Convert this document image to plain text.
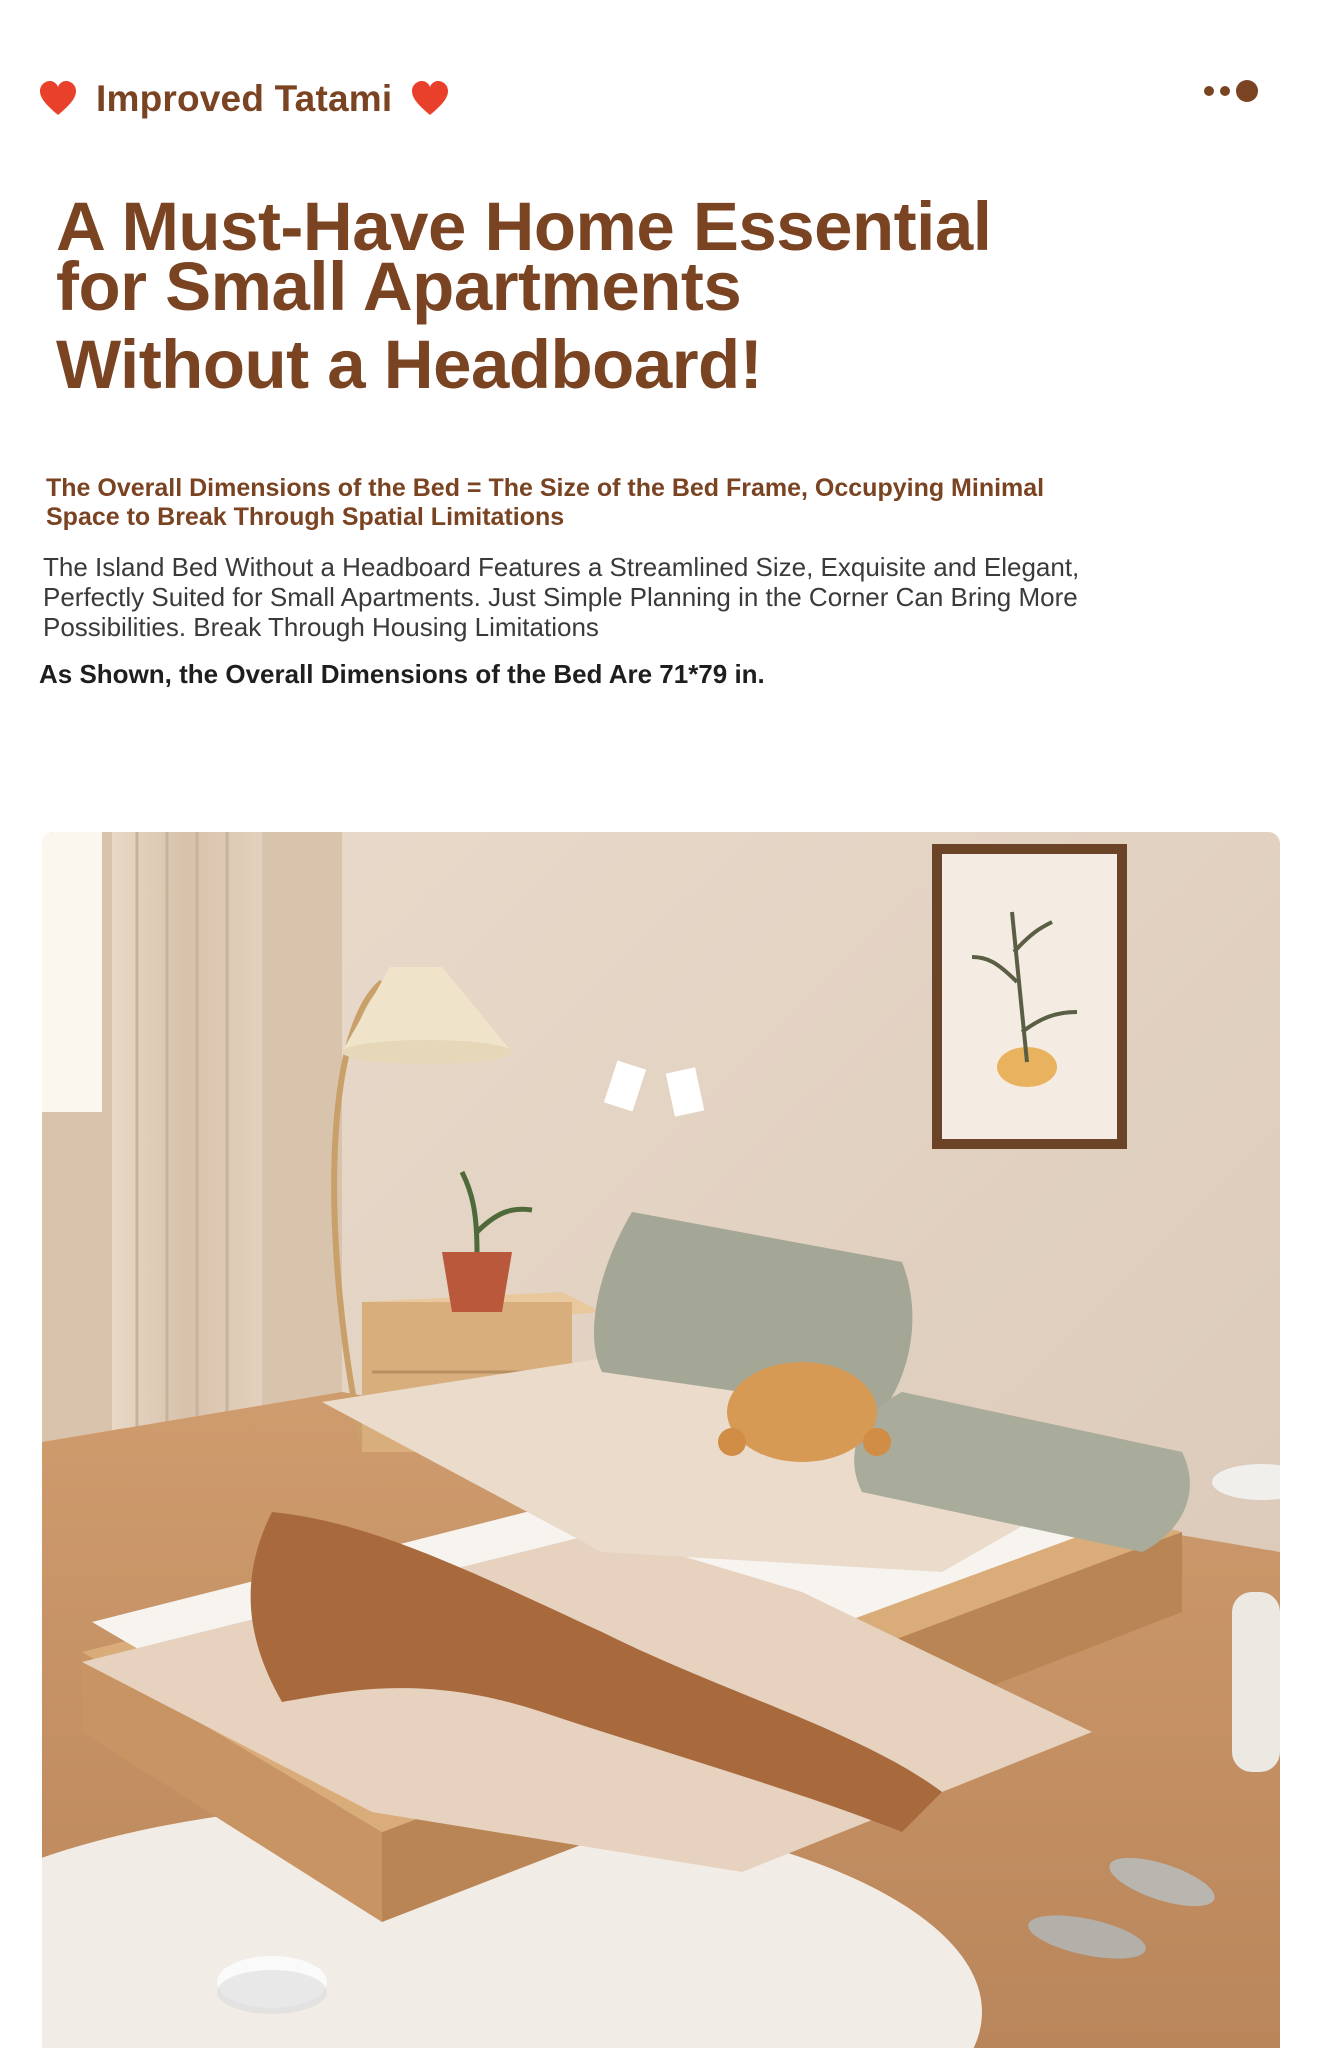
Improved Tatami
A Must-Have Home Essential
for Small Apartments
Without a Headboard!

The Overall Dimensions of the Bed = The Size of the Bed Frame, Occupying Minimal Space to Break Through Spatial Limitations

The Island Bed Without a Headboard Features a Streamlined Size, Exquisite and Elegant, Perfectly Suited for Small Apartments. Just Simple Planning in the Corner Can Bring More Possibilities. Break Through Housing Limitations

As Shown, the Overall Dimensions of the Bed Are 71*79 in.
